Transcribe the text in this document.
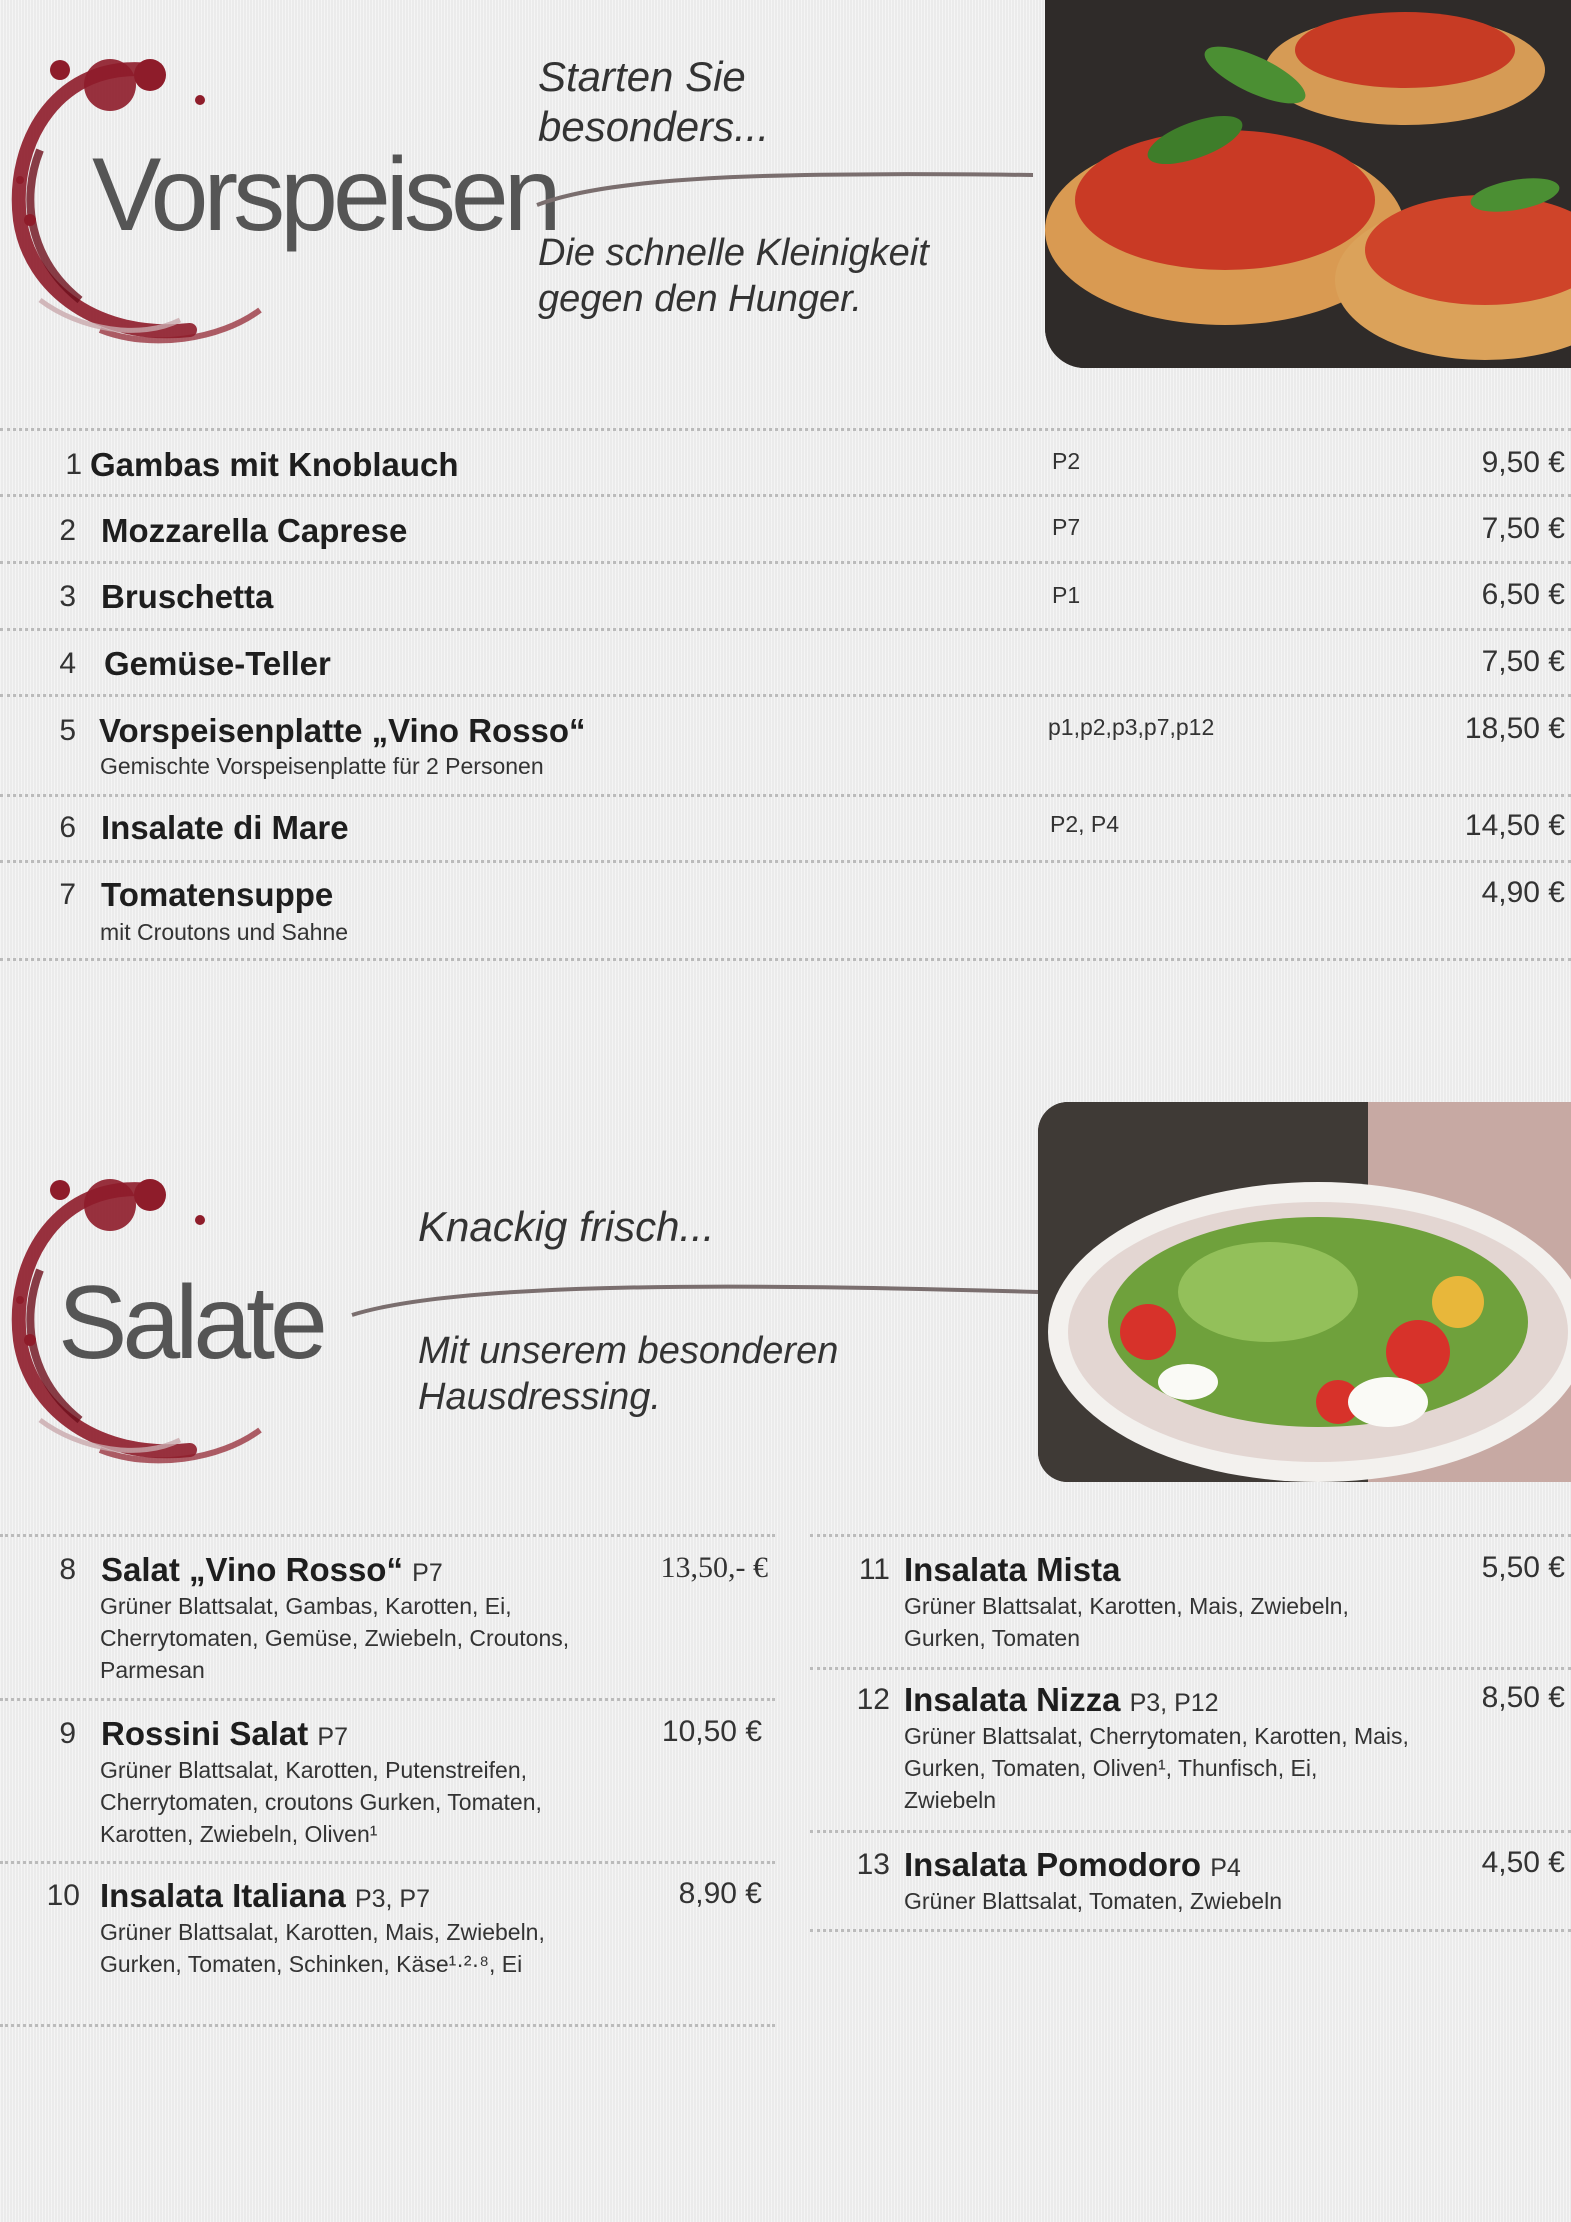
Vorspeisen
Starten Sie besonders...
Die schnelle Kleinigkeit gegen den Hunger.
1 Gambas mit Knoblauch	P2	9,50 €
2 Mozzarella Caprese	P7	7,50 €
3 Bruschetta	P1	6,50 €
4 Gemüse-Teller	7,50 €
5 Vorspeisenplatte „Vino Rosso“
Gemischte Vorspeisenplatte für 2 Personen
p1,p2,p3,p7,p12	18,50 €
6 Insalate di Mare	P2, P4	14,50 €
7 Tomatensuppe
mit Croutons und Sahne
4,90 €
Salate
Knackig frisch...
Mit unserem besonderen Hausdressing.
8 Salat „Vino Rosso“ P7
Grüner Blattsalat, Gambas, Karotten, Ei, Cherrytomaten, Gemüse, Zwiebeln, Croutons, Parmesan
13,50,- €
9 Rossini Salat P7
Grüner Blattsalat, Karotten, Putenstreifen, Cherrytomaten, croutons Gurken, Tomaten, Karotten, Zwiebeln, Oliven¹
10,50 €
10 Insalata Italiana P3, P7
Grüner Blattsalat, Karotten, Mais, Zwiebeln, Gurken, Tomaten, Schinken, Käse¹·²·⁸, Ei
8,90 €
11 Insalata Mista
Grüner Blattsalat, Karotten, Mais, Zwiebeln, Gurken, Tomaten
5,50 €
12 Insalata Nizza P3, P12
Grüner Blattsalat, Cherrytomaten, Karotten, Mais, Gurken, Tomaten, Oliven¹, Thunfisch, Ei, Zwiebeln
8,50 €
13 Insalata Pomodoro P4
Grüner Blattsalat, Tomaten, Zwiebeln
4,50 €
